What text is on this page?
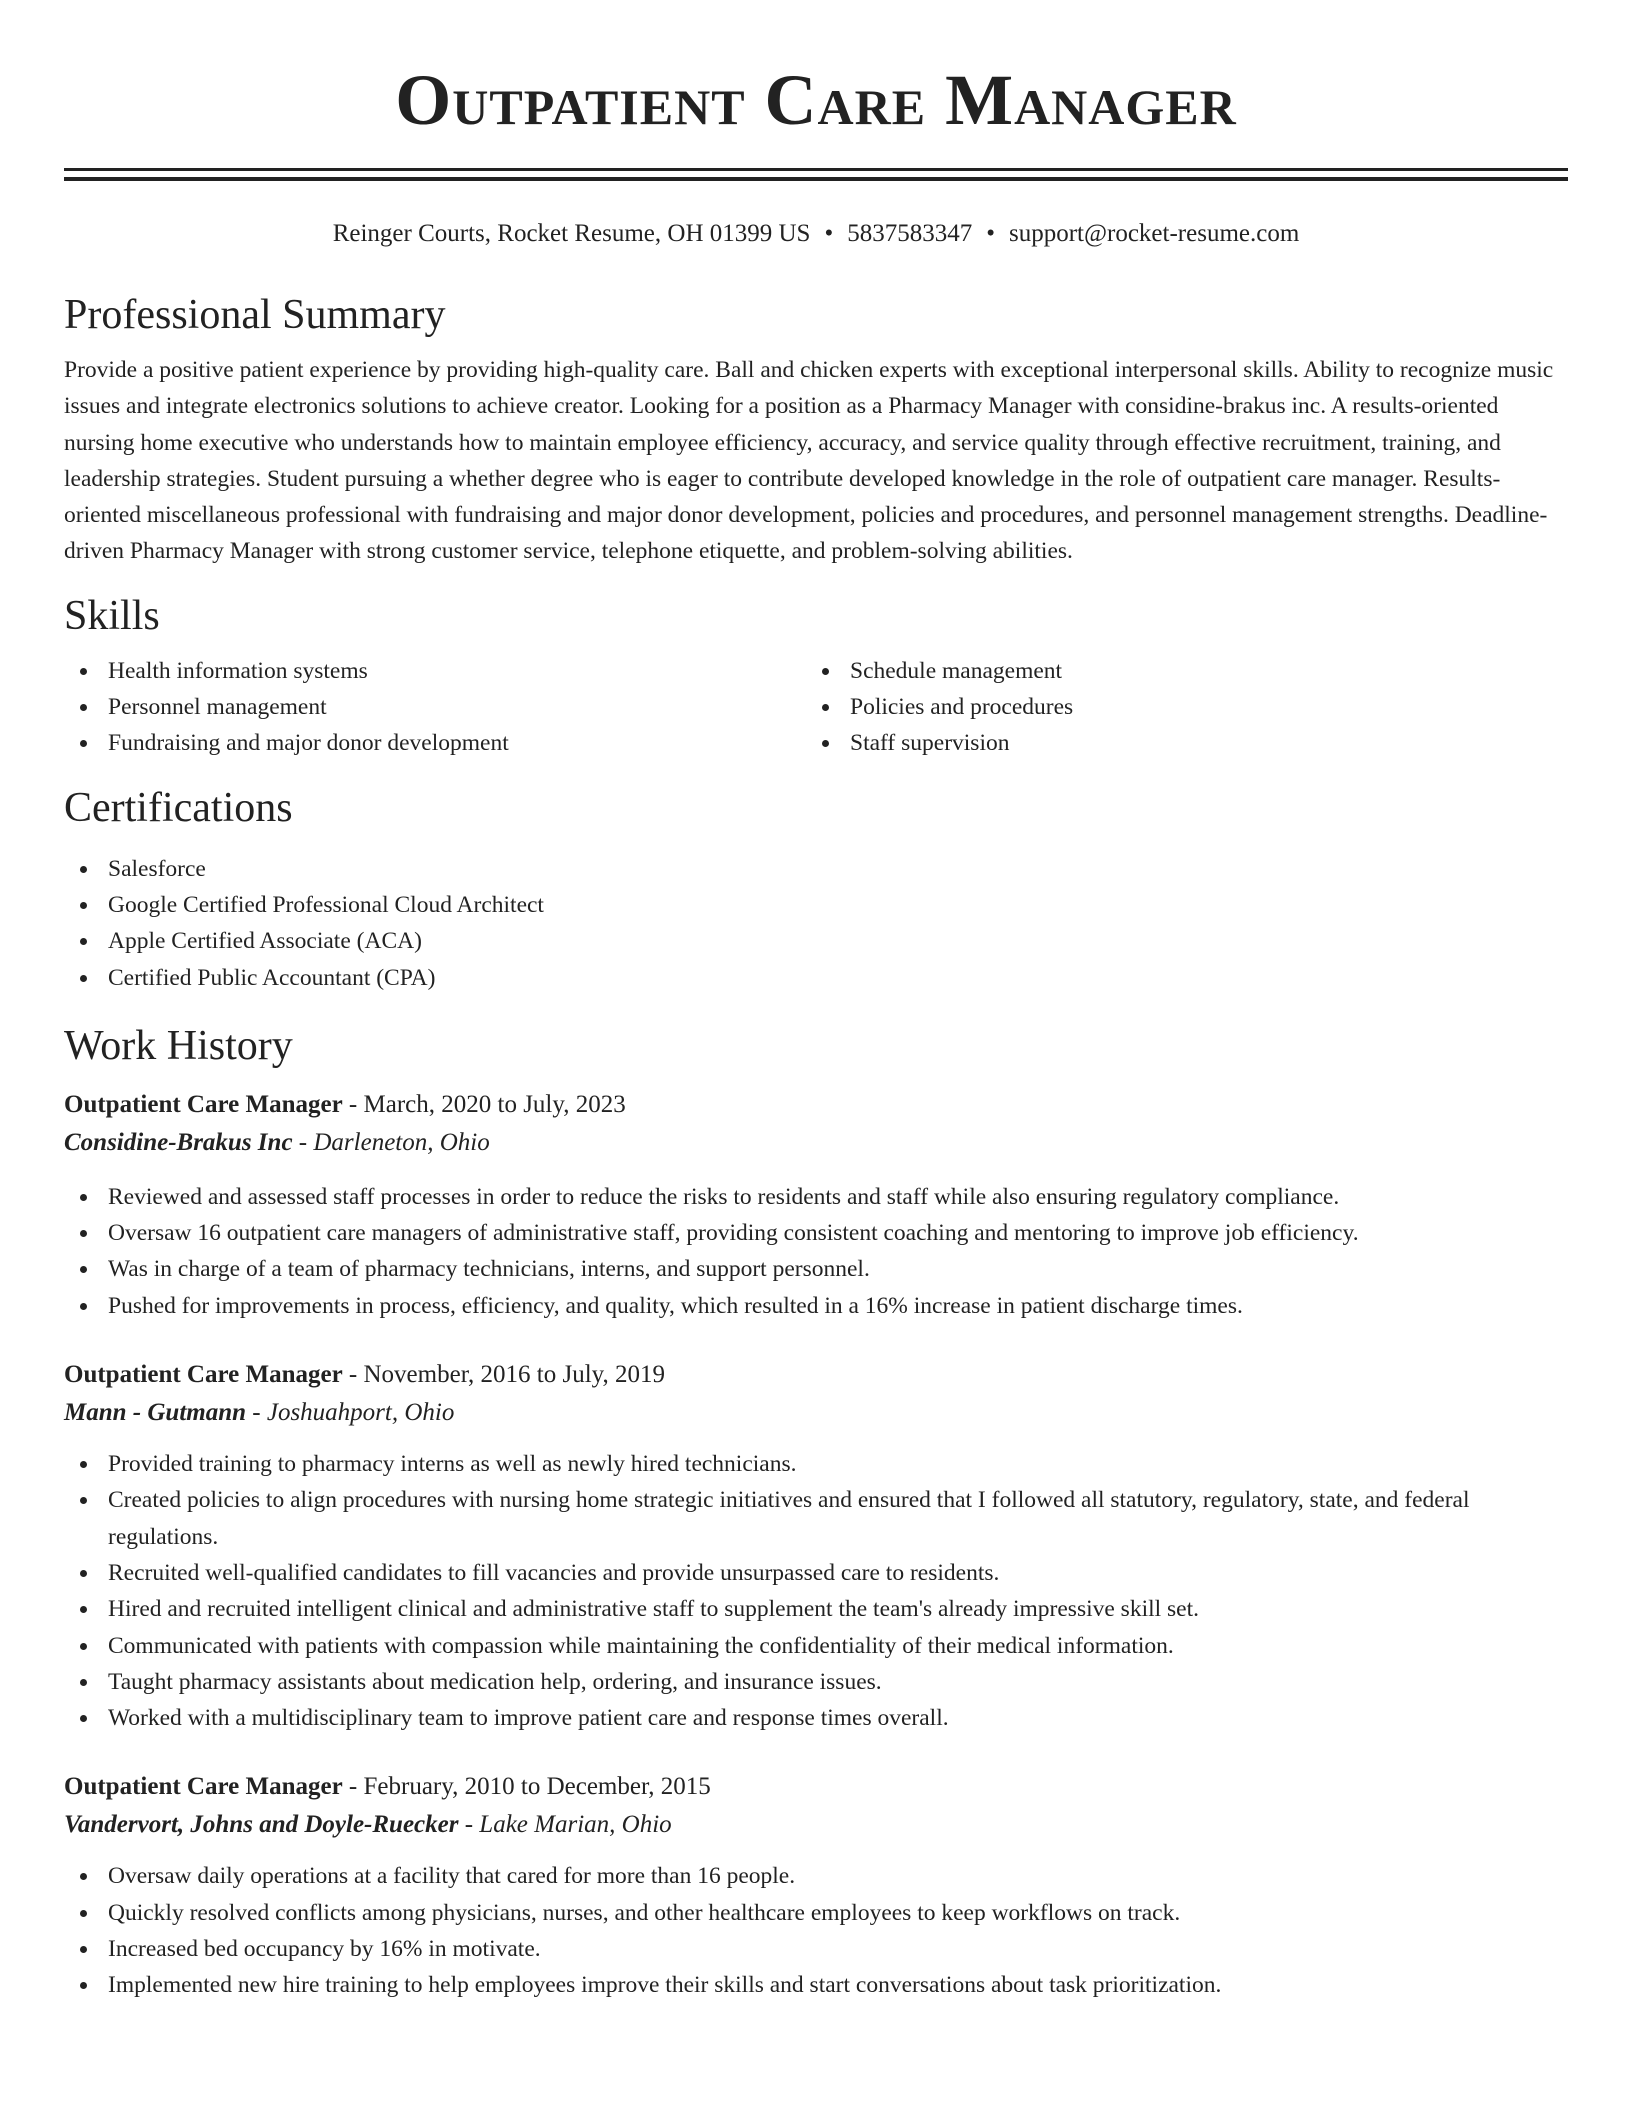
Outpatient Care Manager
Reinger Courts, Rocket Resume, OH 01399 US • 5837583347 • support@rocket-resume.com
Professional Summary

Provide a positive patient experience by providing high-quality care. Ball and chicken experts with exceptional interpersonal skills. Ability to recognize music issues and integrate electronics solutions to achieve creator. Looking for a position as a Pharmacy Manager with considine-brakus inc. A results-oriented nursing home executive who understands how to maintain employee efficiency, accuracy, and service quality through effective recruitment, training, and leadership strategies. Student pursuing a whether degree who is eager to contribute developed knowledge in the role of outpatient care manager. Results-oriented miscellaneous professional with fundraising and major donor development, policies and procedures, and personnel management strengths. Deadline-driven Pharmacy Manager with strong customer service, telephone etiquette, and problem-solving abilities.

Skills
Health information systems
Personnel management
Fundraising and major donor development
Schedule management
Policies and procedures
Staff supervision
Certifications
Salesforce
Google Certified Professional Cloud Architect
Apple Certified Associate (ACA)
Certified Public Accountant (CPA)
Work History
Outpatient Care Manager - March, 2020 to July, 2023
Considine-Brakus Inc - Darleneton, Ohio
Reviewed and assessed staff processes in order to reduce the risks to residents and staff while also ensuring regulatory compliance.
Oversaw 16 outpatient care managers of administrative staff, providing consistent coaching and mentoring to improve job efficiency.
Was in charge of a team of pharmacy technicians, interns, and support personnel.
Pushed for improvements in process, efficiency, and quality, which resulted in a 16% increase in patient discharge times.
Outpatient Care Manager - November, 2016 to July, 2019
Mann - Gutmann - Joshuahport, Ohio
Provided training to pharmacy interns as well as newly hired technicians.
Created policies to align procedures with nursing home strategic initiatives and ensured that I followed all statutory, regulatory, state, and federal regulations.
Recruited well-qualified candidates to fill vacancies and provide unsurpassed care to residents.
Hired and recruited intelligent clinical and administrative staff to supplement the team's already impressive skill set.
Communicated with patients with compassion while maintaining the confidentiality of their medical information.
Taught pharmacy assistants about medication help, ordering, and insurance issues.
Worked with a multidisciplinary team to improve patient care and response times overall.
Outpatient Care Manager - February, 2010 to December, 2015
Vandervort, Johns and Doyle-Ruecker - Lake Marian, Ohio
Oversaw daily operations at a facility that cared for more than 16 people.
Quickly resolved conflicts among physicians, nurses, and other healthcare employees to keep workflows on track.
Increased bed occupancy by 16% in motivate.
Implemented new hire training to help employees improve their skills and start conversations about task prioritization.
